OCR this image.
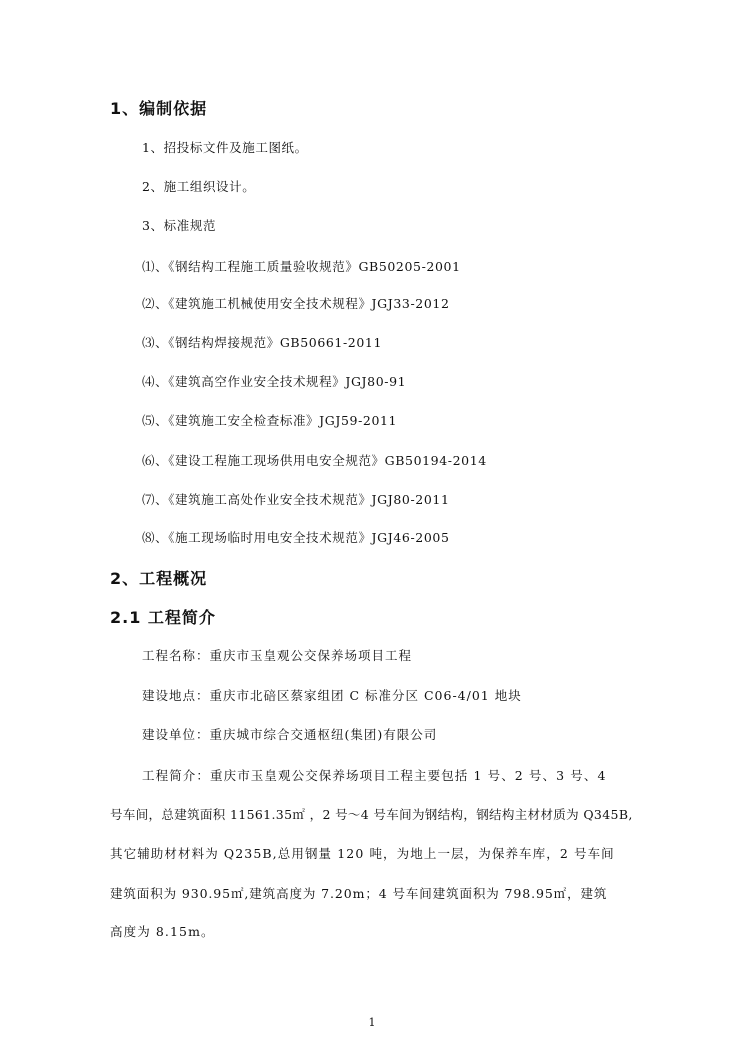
1、编制依据
1、招投标文件及施工图纸。
2、施工组织设计。
3、标准规范
⑴、《钢结构工程施工质量验收规范》GB50205-2001
⑵、《建筑施工机械使用安全技术规程》JGJ33-2012
⑶、《钢结构焊接规范》GB50661-2011
⑷、《建筑高空作业安全技术规程》JGJ80-91
⑸、《建筑施工安全检查标准》JGJ59-2011
⑹、《建设工程施工现场供用电安全规范》GB50194-2014
⑺、《建筑施工高处作业安全技术规范》JGJ80-2011
⑻、《施工现场临时用电安全技术规范》JGJ46-2005
2、工程概况
2.1 工程简介
工程名称：重庆市玉皇观公交保养场项目工程
建设地点：重庆市北碚区蔡家组团 C 标准分区 C06-4/01 地块
建设单位：重庆城市综合交通枢纽(集团)有限公司
工程简介：重庆市玉皇观公交保养场项目工程主要包括 1 号、2 号、3 号、4
号车间，总建筑面积 11561.35㎡ ，2 号～4 号车间为钢结构，钢结构主材材质为 Q345B,
其它辅助材材料为 Q235B,总用钢量 120 吨，为地上一层，为保养车库，2 号车间
建筑面积为 930.95㎡,建筑高度为 7.20m；4 号车间建筑面积为 798.95㎡，建筑
高度为 8.15m。
1
